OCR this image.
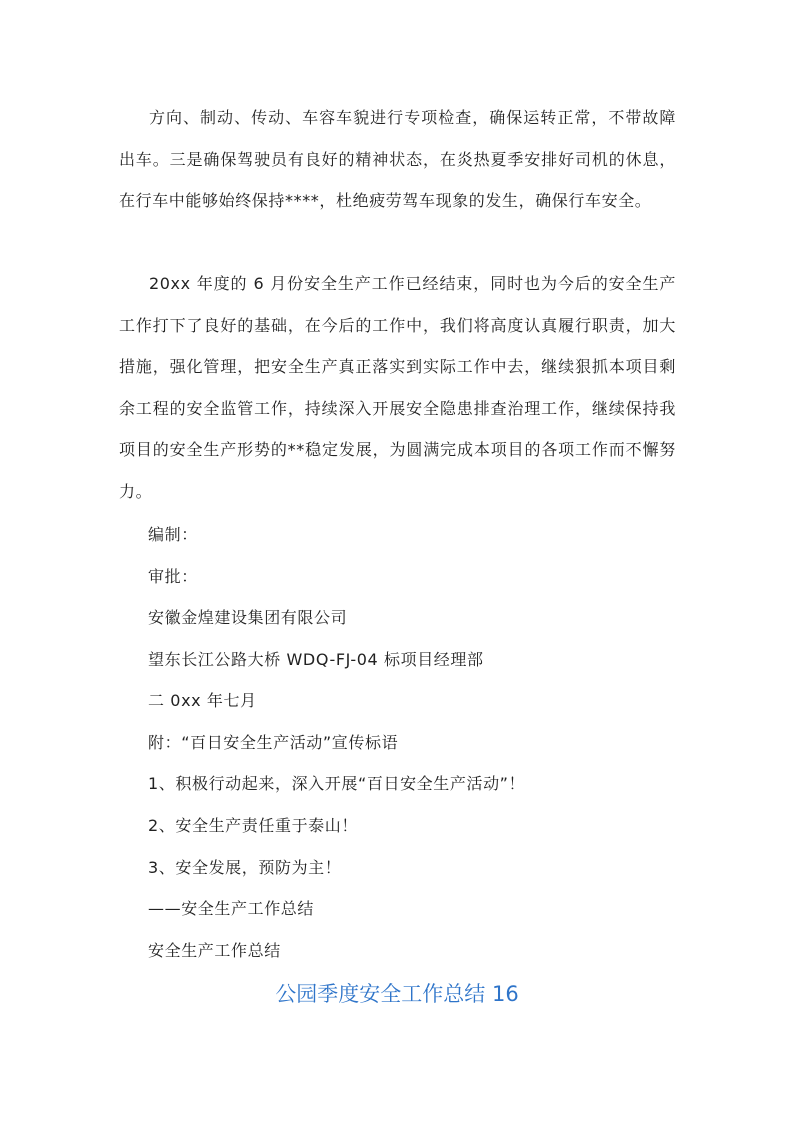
方向、制动、传动、车容车貌进行专项检查，确保运转正常，不带故障出车。三是确保驾驶员有良好的精神状态，在炎热夏季安排好司机的休息，在行车中能够始终保持****，杜绝疲劳驾车现象的发生，确保行车安全。

20xx 年度的 6 月份安全生产工作已经结束，同时也为今后的安全生产工作打下了良好的基础，在今后的工作中，我们将高度认真履行职责，加大措施，强化管理，把安全生产真正落实到实际工作中去，继续狠抓本项目剩余工程的安全监管工作，持续深入开展安全隐患排查治理工作，继续保持我项目的安全生产形势的**稳定发展，为圆满完成本项目的各项工作而不懈努力。

编制：
审批：
安徽金煌建设集团有限公司
望东长江公路大桥 WDQ-FJ-04 标项目经理部
二 0xx 年七月
附：“百日安全生产活动”宣传标语
1、积极行动起来，深入开展“百日安全生产活动”！
2、安全生产责任重于泰山！
3、安全发展，预防为主！
——安全生产工作总结
安全生产工作总结
公园季度安全工作总结 16
